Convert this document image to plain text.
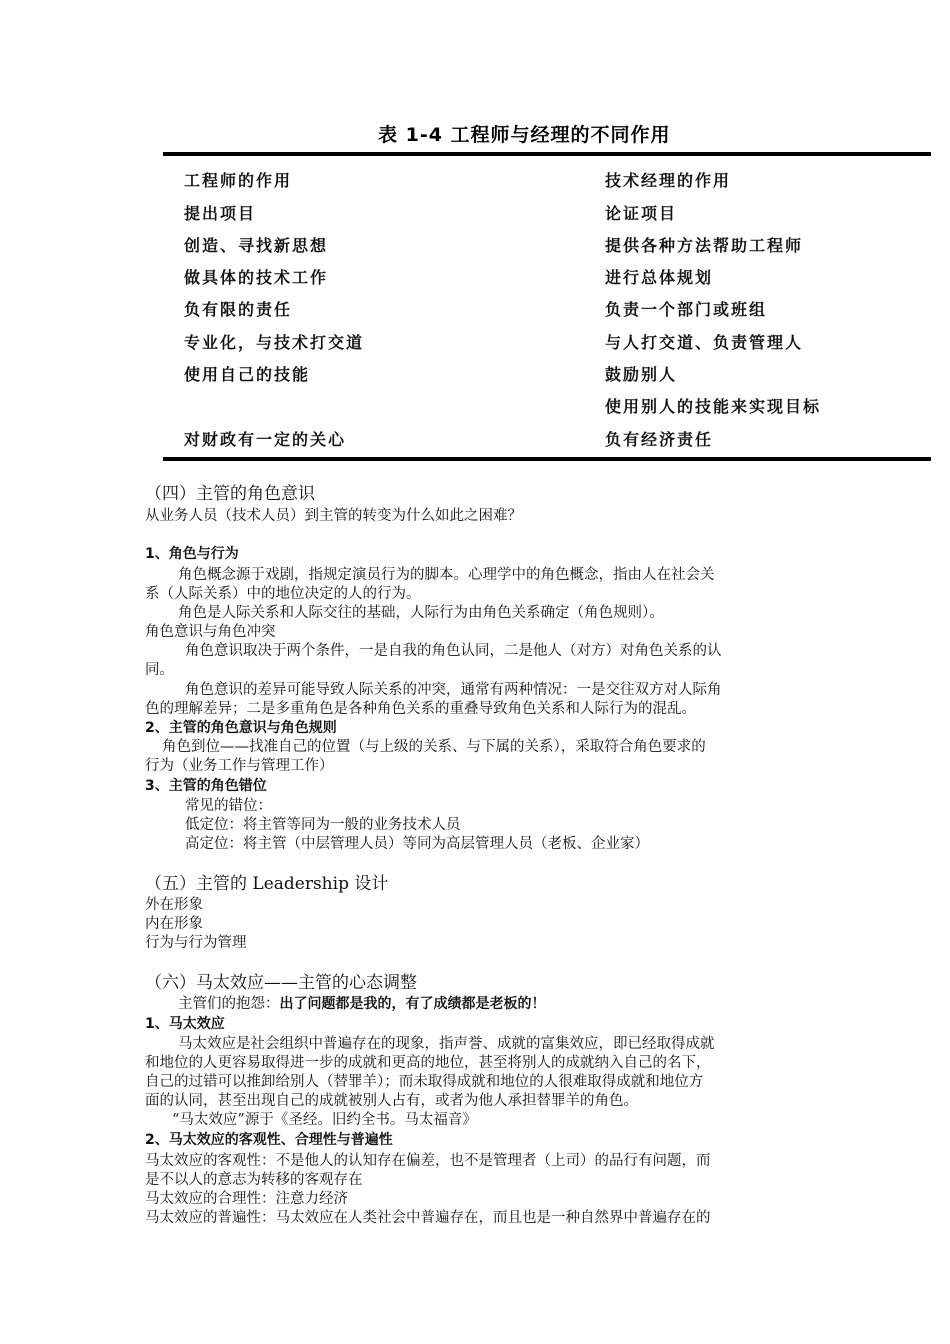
表 1-4 工程师与经理的不同作用
工程师的作用	技术经理的作用
提出项目
创造、寻找新思想
做具体的技术工作
负有限的责任
专业化，与技术打交道
使用自己的技能
对财政有一定的关心
论证项目
提供各种方法帮助工程师
进行总体规划
负责一个部门或班组
与人打交道、负责管理人
鼓励别人
使用别人的技能来实现目标
负有经济责任
（四）主管的角色意识
从业务人员（技术人员）到主管的转变为什么如此之困难？
1、角色与行为
角色概念源于戏剧，指规定演员行为的脚本。心理学中的角色概念，指由人在社会关
系（人际关系）中的地位决定的人的行为。
角色是人际关系和人际交往的基础，人际行为由角色关系确定（角色规则）。
角色意识与角色冲突
角色意识取决于两个条件，一是自我的角色认同，二是他人（对方）对角色关系的认
同。
角色意识的差异可能导致人际关系的冲突，通常有两种情况：一是交往双方对人际角
色的理解差异；二是多重角色是各种角色关系的重叠导致角色关系和人际行为的混乱。
2、主管的角色意识与角色规则
角色到位——找准自己的位置（与上级的关系、与下属的关系），采取符合角色要求的
行为（业务工作与管理工作）
3、主管的角色错位
常见的错位：
低定位：将主管等同为一般的业务技术人员
高定位：将主管（中层管理人员）等同为高层管理人员（老板、企业家）
（五）主管的 Leadership 设计
外在形象
内在形象
行为与行为管理
（六）马太效应——主管的心态调整
主管们的抱怨：出了问题都是我的，有了成绩都是老板的！
1、马太效应
马太效应是社会组织中普遍存在的现象，指声誉、成就的富集效应，即已经取得成就
和地位的人更容易取得进一步的成就和更高的地位，甚至将别人的成就纳入自己的名下，
自己的过错可以推卸给别人（替罪羊）；而未取得成就和地位的人很难取得成就和地位方
面的认同，甚至出现自己的成就被别人占有，或者为他人承担替罪羊的角色。
“马太效应”源于《圣经。旧约全书。马太福音》
2、马太效应的客观性、合理性与普遍性
马太效应的客观性：不是他人的认知存在偏差，也不是管理者（上司）的品行有问题，而
是不以人的意志为转移的客观存在
马太效应的合理性：注意力经济
马太效应的普遍性：马太效应在人类社会中普遍存在，而且也是一种自然界中普遍存在的
